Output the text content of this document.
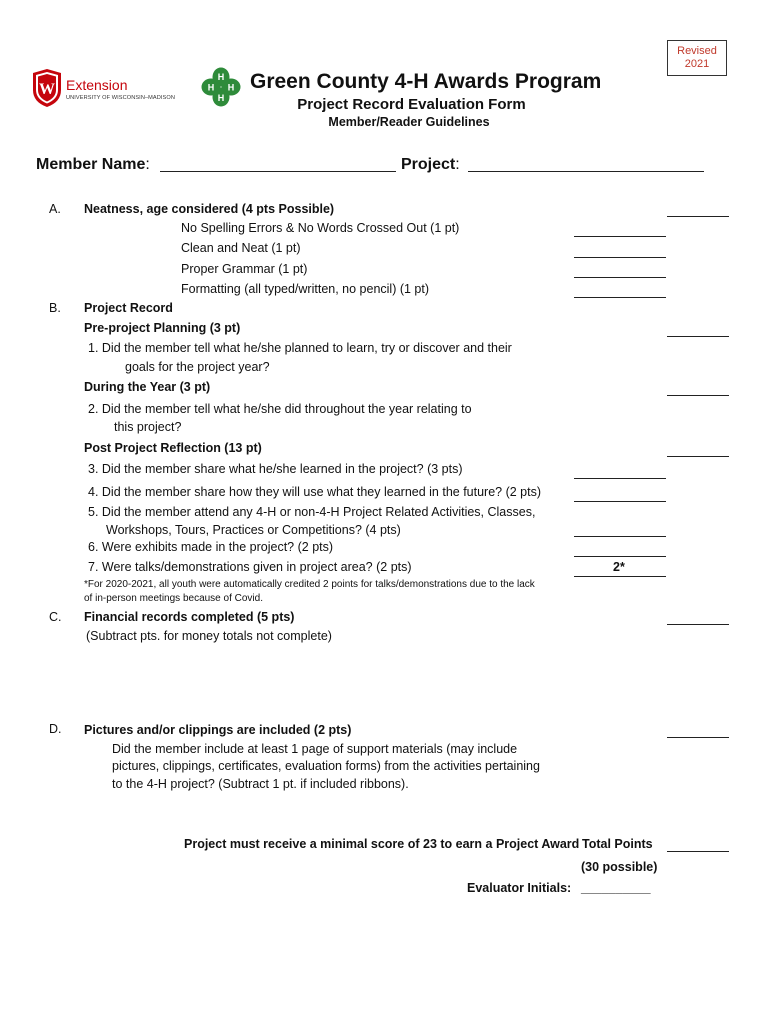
Revised
2021
W Extension
UNIVERSITY OF WISCONSIN–MADISON
H
H
H H Green County 4-H Awards Program
Project Record Evaluation Form
Member/Reader Guidelines
Member Name:	Project:
A. Neatness, age considered (4 pts Possible)
No Spelling Errors & No Words Crossed Out (1 pt)
Clean and Neat (1 pt)
Proper Grammar (1 pt)
Formatting (all typed/written, no pencil) (1 pt)
B. Project Record
Pre-project Planning (3 pt)
1. Did the member tell what he/she planned to learn, try or discover and their
goals for the project year?
During the Year (3 pt)
2. Did the member tell what he/she did throughout the year relating to
this project?
Post Project Reflection (13 pt)
3. Did the member share what he/she learned in the project? (3 pts)
4. Did the member share how they will use what they learned in the future? (2 pts)
5. Did the member attend any 4-H or non-4-H Project Related Activities, Classes,
Workshops, Tours, Practices or Competitions? (4 pts)
6. Were exhibits made in the project? (2 pts)
7. Were talks/demonstrations given in project area? (2 pts)	2*
*For 2020-2021, all youth were automatically credited 2 points for talks/demonstrations due to the lack
of in-person meetings because of Covid.
C. Financial records completed (5 pts)
(Subtract pts. for money totals not complete)
D. Pictures and/or clippings are included (2 pts)
Did the member include at least 1 page of support materials (may include
pictures, clippings, certificates, evaluation forms) from the activities pertaining
to the 4-H project? (Subtract 1 pt. if included ribbons).
Project must receive a minimal score of 23 to earn a Project Award Total Points
(30 possible)
Evaluator Initials: __________
